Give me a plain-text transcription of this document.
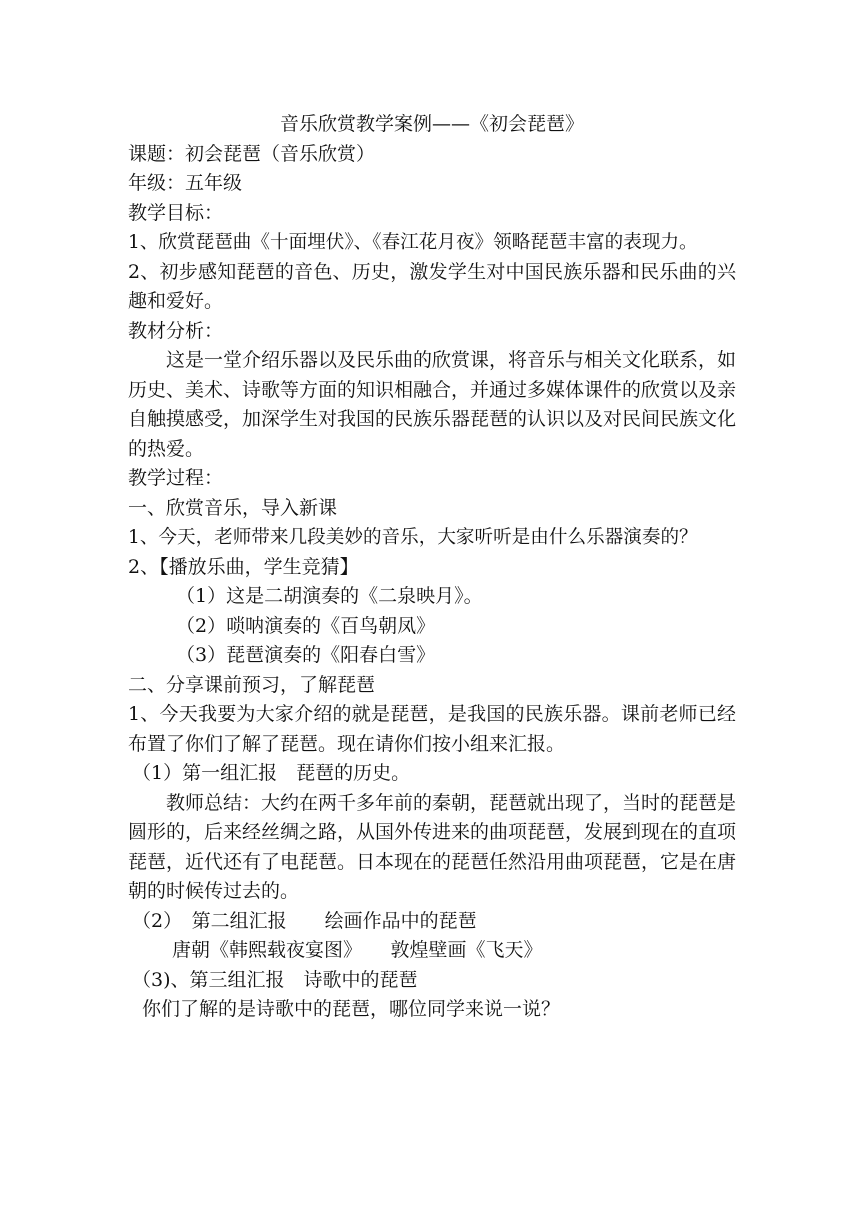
音乐欣赏教学案例——《初会琵琶》
课题：初会琵琶（音乐欣赏）
年级：五年级
教学目标：
1、欣赏琵琶曲《十面埋伏》、《春江花月夜》领略琵琶丰富的表现力。
2、初步感知琵琶的音色、历史，激发学生对中国民族乐器和民乐曲的兴趣和爱好。
教材分析：
这是一堂介绍乐器以及民乐曲的欣赏课，将音乐与相关文化联系，如历史、美术、诗歌等方面的知识相融合，并通过多媒体课件的欣赏以及亲自触摸感受，加深学生对我国的民族乐器琵琶的认识以及对民间民族文化的热爱。
教学过程：
一、欣赏音乐，导入新课
1、今天，老师带来几段美妙的音乐，大家听听是由什么乐器演奏的？
2、【播放乐曲，学生竞猜】
（1）这是二胡演奏的《二泉映月》。
（2）唢呐演奏的《百鸟朝凤》
（3）琵琶演奏的《阳春白雪》
二、分享课前预习，了解琵琶
1、今天我要为大家介绍的就是琵琶，是我国的民族乐器。课前老师已经布置了你们了解了琵琶。现在请你们按小组来汇报。
（1）第一组汇报　琵琶的历史。
教师总结：大约在两千多年前的秦朝，琵琶就出现了，当时的琵琶是圆形的，后来经丝绸之路，从国外传进来的曲项琵琶，发展到现在的直项琵琶，近代还有了电琵琶。日本现在的琵琶任然沿用曲项琵琶，它是在唐朝的时候传过去的。
（2）　第二组汇报　　绘画作品中的琵琶
唐朝《韩熙载夜宴图》　　敦煌壁画《飞天》
（3)、第三组汇报　诗歌中的琵琶
你们了解的是诗歌中的琵琶，哪位同学来说一说？
